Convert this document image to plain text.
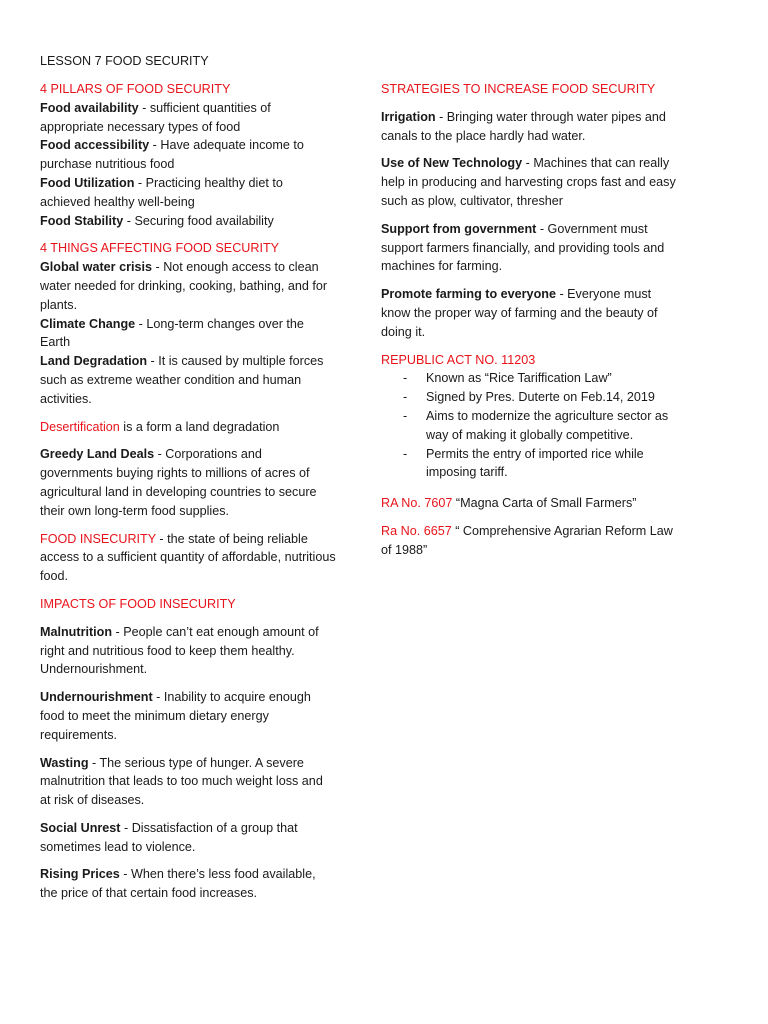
LESSON 7 FOOD SECURITY

4 PILLARS OF FOOD SECURITY

Food availability - sufficient quantities of appropriate necessary types of food

Food accessibility - Have adequate income to purchase nutritious food

Food Utilization - Practicing healthy diet to achieved healthy well-being

Food Stability - Securing food availability

4 THINGS AFFECTING FOOD SECURITY

Global water crisis - Not enough access to clean water needed for drinking, cooking, bathing, and for plants.

Climate Change - Long-term changes over the Earth

Land Degradation - It is caused by multiple forces such as extreme weather condition and human activities.

Desertification is a form a land degradation

Greedy Land Deals - Corporations and governments buying rights to millions of acres of agricultural land in developing countries to secure their own long-term food supplies.

FOOD INSECURITY - the state of being reliable access to a sufficient quantity of affordable, nutritious food.

IMPACTS OF FOOD INSECURITY

Malnutrition - People can’t eat enough amount of right and nutritious food to keep them healthy. Undernourishment.

Undernourishment - Inability to acquire enough food to meet the minimum dietary energy requirements.

Wasting - The serious type of hunger. A severe malnutrition that leads to too much weight loss and at risk of diseases.

Social Unrest - Dissatisfaction of a group that sometimes lead to violence.

Rising Prices - When there’s less food available, the price of that certain food increases.

STRATEGIES TO INCREASE FOOD SECURITY

Irrigation - Bringing water through water pipes and canals to the place hardly had water.

Use of New Technology - Machines that can really help in producing and harvesting crops fast and easy such as plow, cultivator, thresher

Support from government - Government must support farmers financially, and providing tools and machines for farming.

Promote farming to everyone - Everyone must know the proper way of farming and the beauty of doing it.

REPUBLIC ACT NO. 11203

- Known as “Rice Tariffication Law”
- Signed by Pres. Duterte on Feb.14, 2019
- Aims to modernize the agriculture sector as way of making it globally competitive.
- Permits the entry of imported rice while imposing tariff.

RA No. 7607 “Magna Carta of Small Farmers”

Ra No. 6657 “ Comprehensive Agrarian Reform Law of 1988”
